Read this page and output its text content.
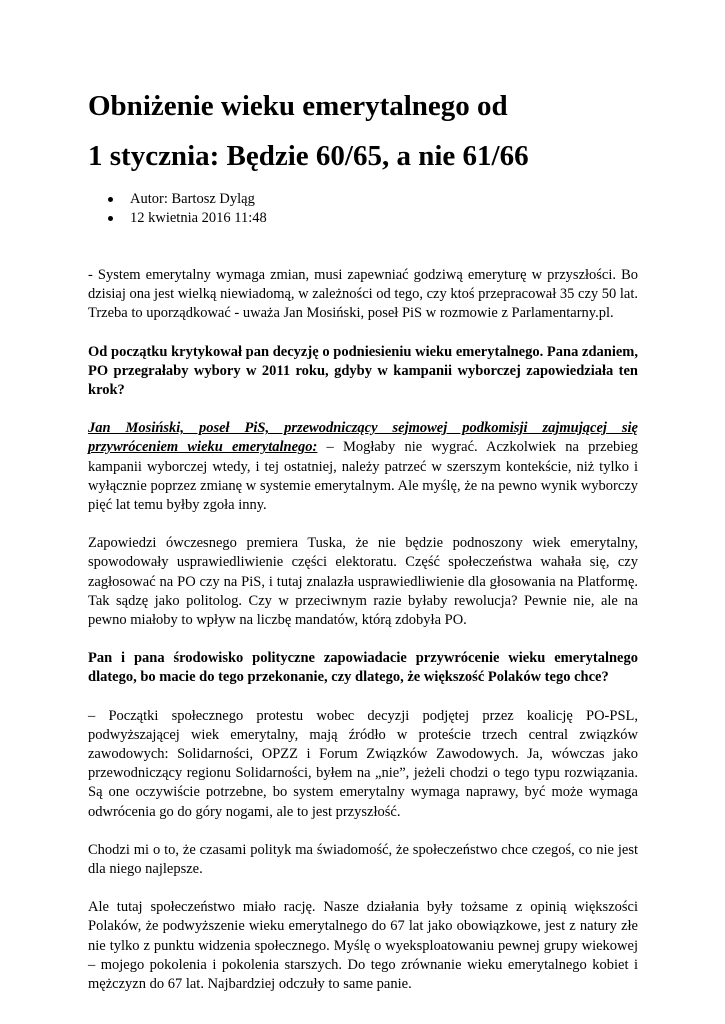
Obniżenie wieku emerytalnego od
1 stycznia: Będzie 60/65, a nie 61/66
Autor: Bartosz Dyląg
12 kwietnia 2016 11:48

- System emerytalny wymaga zmian, musi zapewniać godziwą emeryturę w przyszłości. Bo dzisiaj ona jest wielką niewiadomą, w zależności od tego, czy ktoś przepracował 35 czy 50 lat. Trzeba to uporządkować - uważa Jan Mosiński, poseł PiS w rozmowie z Parlamentarny.pl.

Od początku krytykował pan decyzję o podniesieniu wieku emerytalnego. Pana zdaniem, PO przegrałaby wybory w 2011 roku, gdyby w kampanii wyborczej zapowiedziała ten krok?

Jan Mosiński, poseł PiS, przewodniczący sejmowej podkomisji zajmującej się przywróceniem wieku emerytalnego: – Mogłaby nie wygrać. Aczkolwiek na przebieg kampanii wyborczej wtedy, i tej ostatniej, należy patrzeć w szerszym kontekście, niż tylko i wyłącznie poprzez zmianę w systemie emerytalnym. Ale myślę, że na pewno wynik wyborczy pięć lat temu byłby zgoła inny.

Zapowiedzi ówczesnego premiera Tuska, że nie będzie podnoszony wiek emerytalny, spowodowały usprawiedliwienie części elektoratu. Część społeczeństwa wahała się, czy zagłosować na PO czy na PiS, i tutaj znalazła usprawiedliwienie dla głosowania na Platformę. Tak sądzę jako politolog. Czy w przeciwnym razie byłaby rewolucja? Pewnie nie, ale na pewno miałoby to wpływ na liczbę mandatów, którą zdobyła PO.

Pan i pana środowisko polityczne zapowiadacie przywrócenie wieku emerytalnego dlatego, bo macie do tego przekonanie, czy dlatego, że większość Polaków tego chce?

– Początki społecznego protestu wobec decyzji podjętej przez koalicję PO-PSL, podwyższającej wiek emerytalny, mają źródło w proteście trzech central związków zawodowych: Solidarności, OPZZ i Forum Związków Zawodowych. Ja, wówczas jako przewodniczący regionu Solidarności, byłem na „nie”, jeżeli chodzi o tego typu rozwiązania. Są one oczywiście potrzebne, bo system emerytalny wymaga naprawy, być może wymaga odwrócenia go do góry nogami, ale to jest przyszłość.

Chodzi mi o to, że czasami polityk ma świadomość, że społeczeństwo chce czegoś, co nie jest dla niego najlepsze.

Ale tutaj społeczeństwo miało rację. Nasze działania były tożsame z opinią większości Polaków, że podwyższenie wieku emerytalnego do 67 lat jako obowiązkowe, jest z natury złe nie tylko z punktu widzenia społecznego. Myślę o wyeksploatowaniu pewnej grupy wiekowej – mojego pokolenia i pokolenia starszych. Do tego zrównanie wieku emerytalnego kobiet i mężczyzn do 67 lat. Najbardziej odczuły to same panie.
